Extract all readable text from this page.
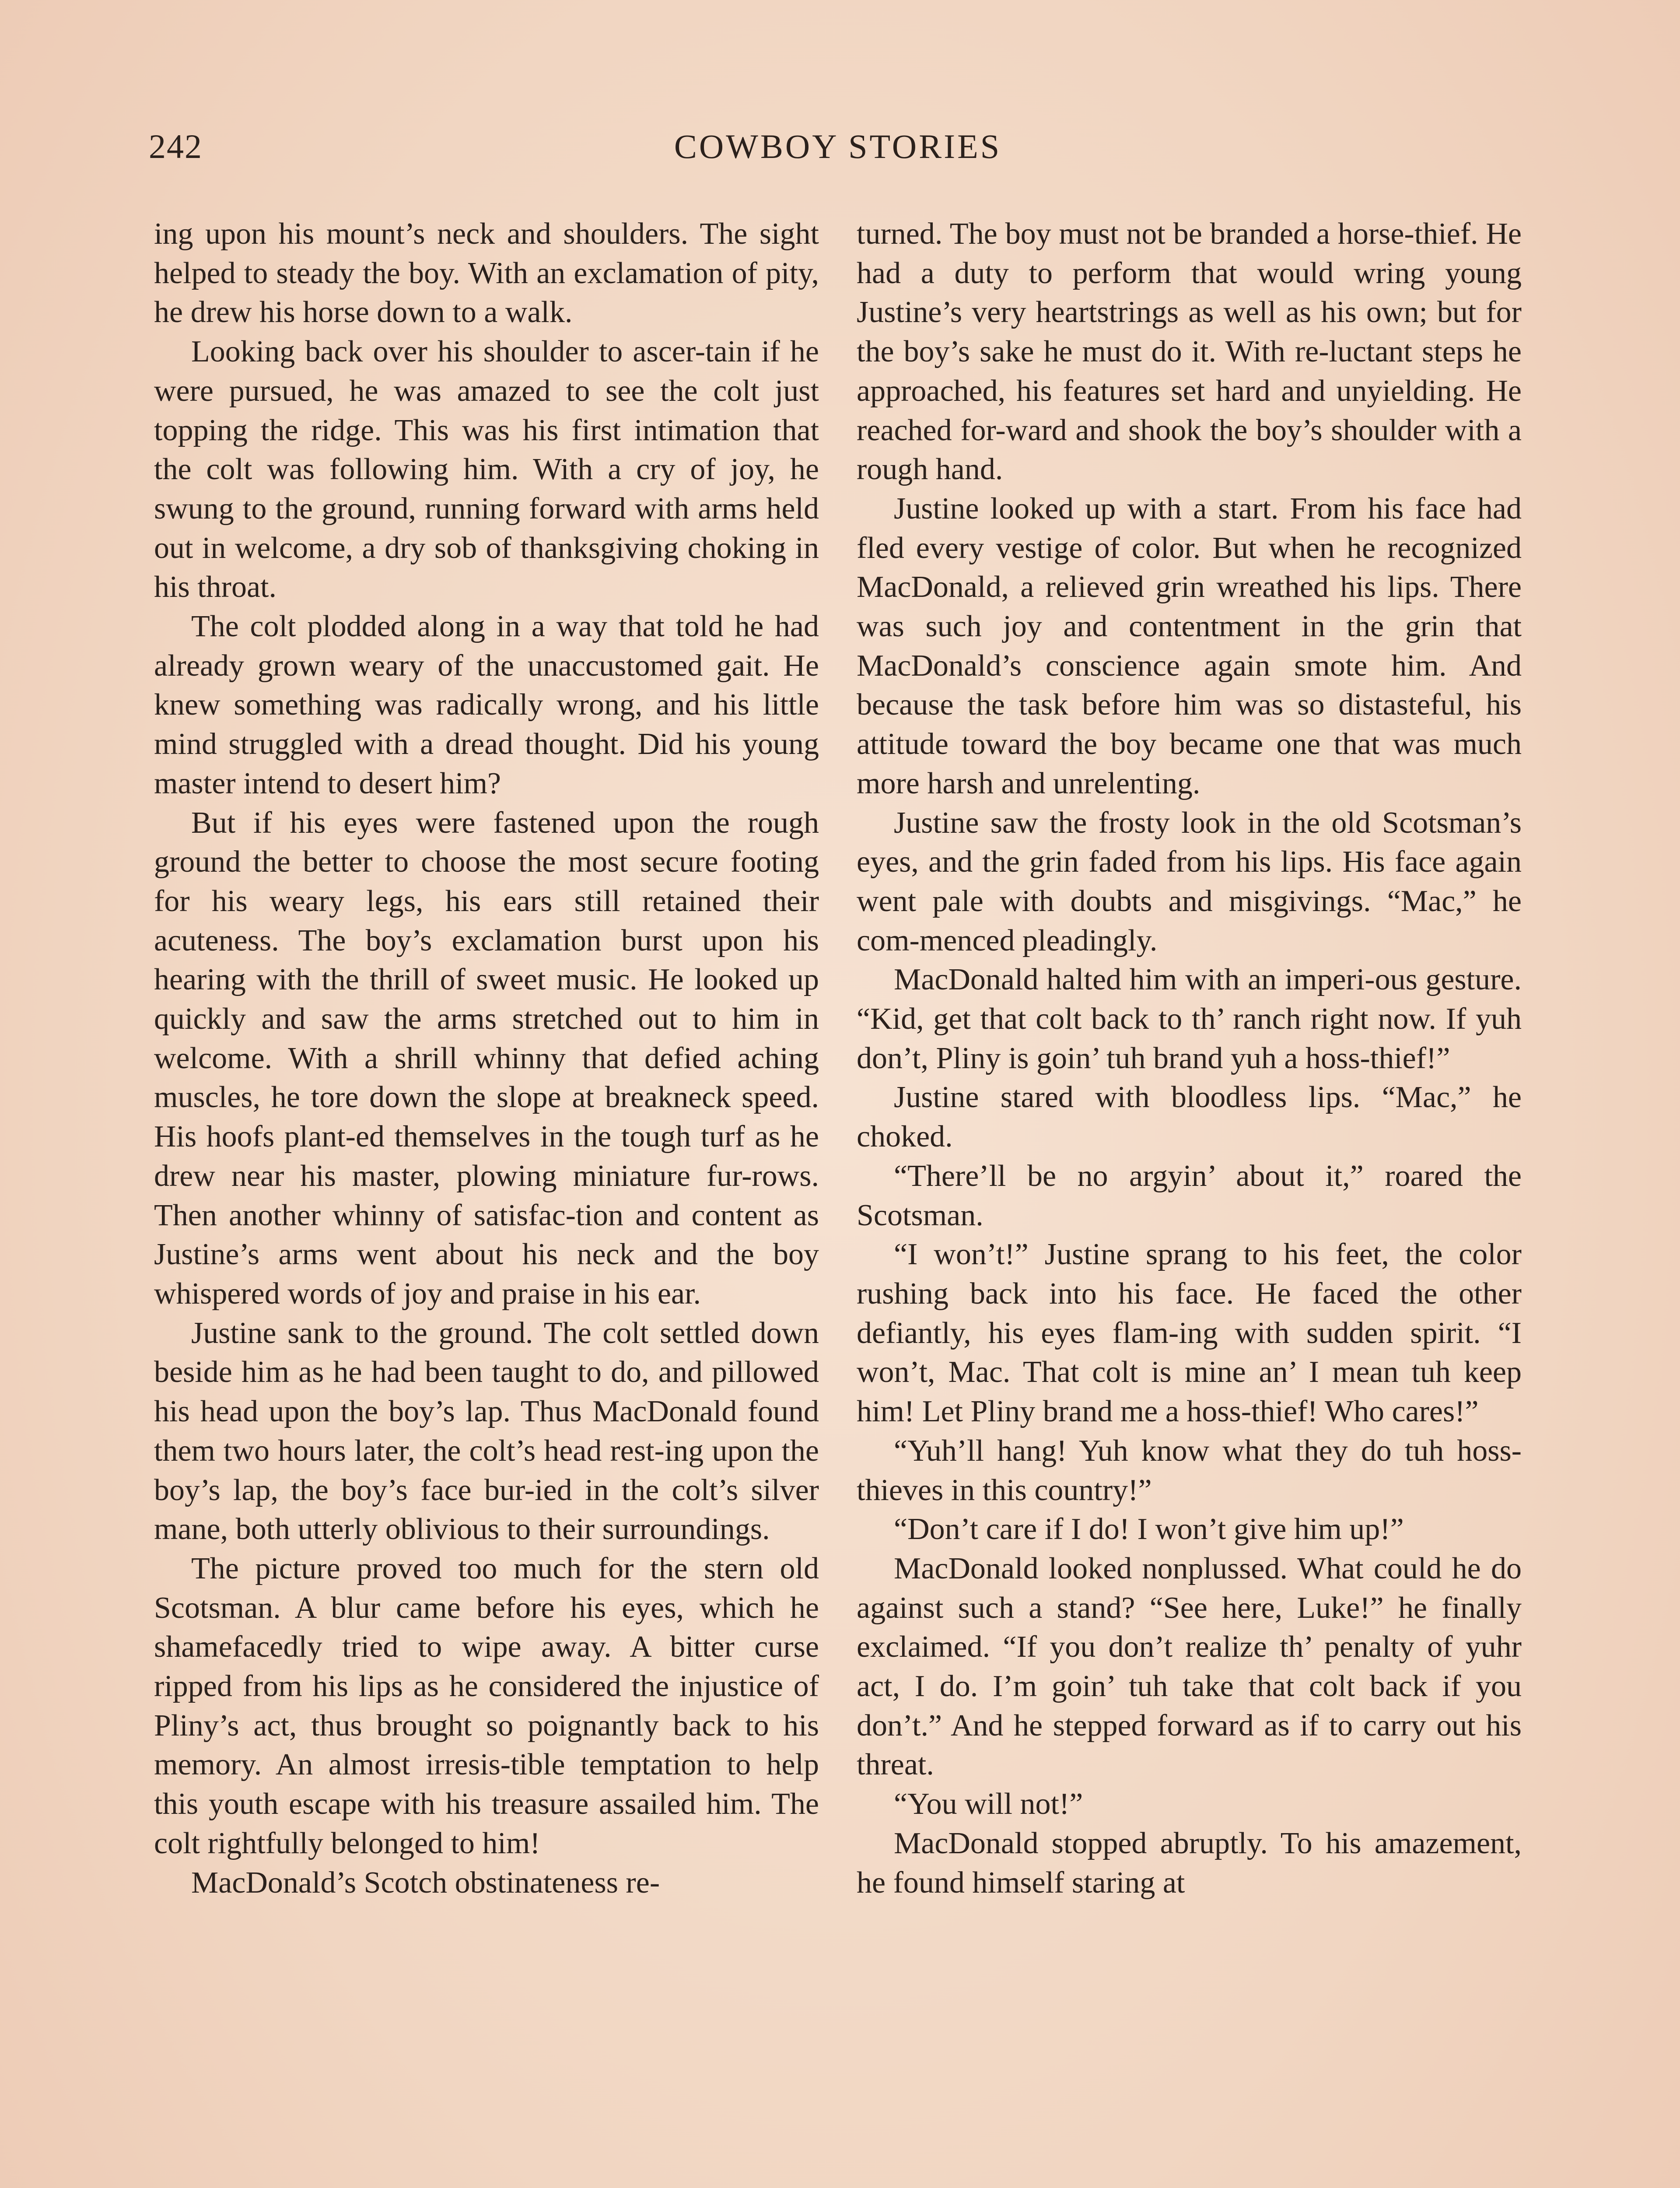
242	COWBOY STORIES

ing upon his mount’s neck and shoulders. The sight helped to steady the boy. With an exclamation of pity, he drew his horse down to a walk.

Looking back over his shoulder to ascer-tain if he were pursued, he was amazed to see the colt just topping the ridge. This was his first intimation that the colt was following him. With a cry of joy, he swung to the ground, running forward with arms held out in welcome, a dry sob of thanksgiving choking in his throat.

The colt plodded along in a way that told he had already grown weary of the unaccustomed gait. He knew something was radically wrong, and his little mind struggled with a dread thought. Did his young master intend to desert him?

But if his eyes were fastened upon the rough ground the better to choose the most secure footing for his weary legs, his ears still retained their acuteness. The boy’s exclamation burst upon his hearing with the thrill of sweet music. He looked up quickly and saw the arms stretched out to him in welcome. With a shrill whinny that defied aching muscles, he tore down the slope at breakneck speed. His hoofs plant-ed themselves in the tough turf as he drew near his master, plowing miniature fur-rows. Then another whinny of satisfac-tion and content as Justine’s arms went about his neck and the boy whispered words of joy and praise in his ear.

Justine sank to the ground. The colt settled down beside him as he had been taught to do, and pillowed his head upon the boy’s lap. Thus MacDonald found them two hours later, the colt’s head rest-ing upon the boy’s lap, the boy’s face bur-ied in the colt’s silver mane, both utterly oblivious to their surroundings.

The picture proved too much for the stern old Scotsman. A blur came before his eyes, which he shamefacedly tried to wipe away. A bitter curse ripped from his lips as he considered the injustice of Pliny’s act, thus brought so poignantly back to his memory. An almost irresis-tible temptation to help this youth escape with his treasure assailed him. The colt rightfully belonged to him!

MacDonald’s Scotch obstinateness re-

turned. The boy must not be branded a horse-thief. He had a duty to perform that would wring young Justine’s very heartstrings as well as his own; but for the boy’s sake he must do it. With re-luctant steps he approached, his features set hard and unyielding. He reached for-ward and shook the boy’s shoulder with a rough hand.

Justine looked up with a start. From his face had fled every vestige of color. But when he recognized MacDonald, a relieved grin wreathed his lips. There was such joy and contentment in the grin that MacDonald’s conscience again smote him. And because the task before him was so distasteful, his attitude toward the boy became one that was much more harsh and unrelenting.

Justine saw the frosty look in the old Scotsman’s eyes, and the grin faded from his lips. His face again went pale with doubts and misgivings. “Mac,” he com-menced pleadingly.

MacDonald halted him with an imperi-ous gesture. “Kid, get that colt back to th’ ranch right now. If yuh don’t, Pliny is goin’ tuh brand yuh a hoss-thief!”

Justine stared with bloodless lips. “Mac,” he choked.

“There’ll be no argyin’ about it,” roared the Scotsman.

“I won’t!” Justine sprang to his feet, the color rushing back into his face. He faced the other defiantly, his eyes flam-ing with sudden spirit. “I won’t, Mac. That colt is mine an’ I mean tuh keep him! Let Pliny brand me a hoss-thief! Who cares!”

“Yuh’ll hang! Yuh know what they do tuh hoss-thieves in this country!”

“Don’t care if I do! I won’t give him up!”

MacDonald looked nonplussed. What could he do against such a stand? “See here, Luke!” he finally exclaimed. “If you don’t realize th’ penalty of yuhr act, I do. I’m goin’ tuh take that colt back if you don’t.” And he stepped forward as if to carry out his threat.

“You will not!”

MacDonald stopped abruptly. To his amazement, he found himself staring at
